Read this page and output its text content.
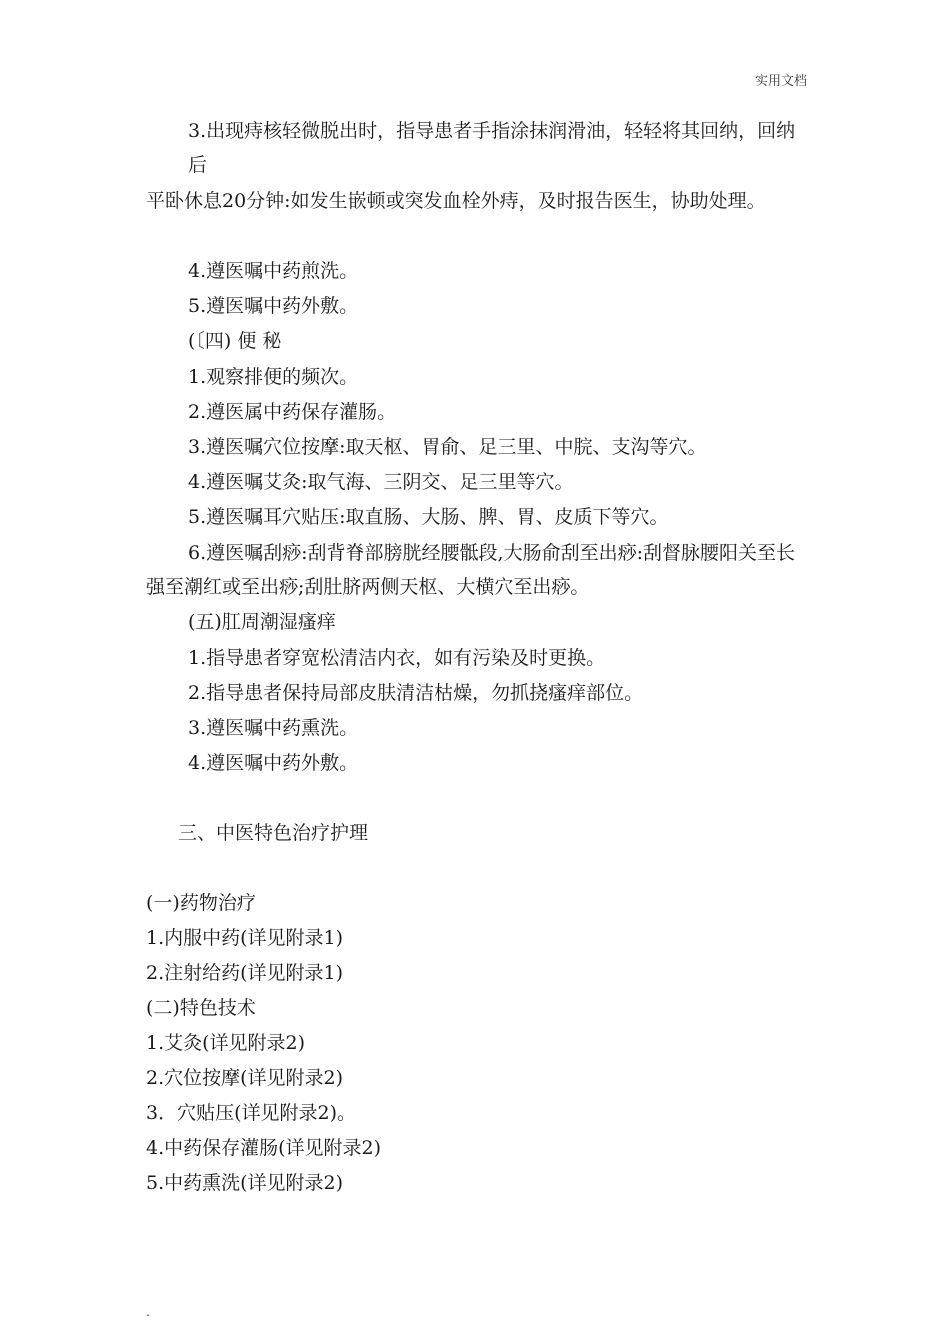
实用文档
3.出现痔核轻微脱出时，指导患者手指涂抹润滑油，轻轻将其回纳，回纳后
平卧休息20分钟:如发生嵌顿或突发血栓外痔，及时报告医生，协助处理。
4.遵医嘱中药煎洗。
5.遵医嘱中药外敷。
(〔四) 便 秘
1.观察排便的频次。
2.遵医属中药保存灌肠。
3.遵医嘱穴位按摩:取天枢、胃俞、足三里、中脘、支沟等穴。
4.遵医嘱艾灸:取气海、三阴交、足三里等穴。
5.遵医嘱耳穴贴压:取直肠、大肠、脾、胃、皮质下等穴。
6.遵医嘱刮痧:刮背脊部膀胱经腰骶段,大肠俞刮至出痧:刮督脉腰阳关至长强至潮红或至出痧;刮肚脐两侧天枢、大横穴至出痧。
(五)肛周潮湿瘙痒
1.指导患者穿宽松清洁内衣，如有污染及时更换。
2.指导患者保持局部皮肤清洁枯燥，勿抓挠瘙痒部位。
3.遵医嘱中药熏洗。
4.遵医嘱中药外敷。
三、中医特色治疗护理
(一)药物治疗
1.内服中药(详见附录1)
2.注射给药(详见附录1)
(二)特色技术
1.艾灸(详见附录2)
2.穴位按摩(详见附录2)
3．穴贴压(详见附录2)。
4.中药保存灌肠(详见附录2)
5.中药熏洗(详见附录2)
.
